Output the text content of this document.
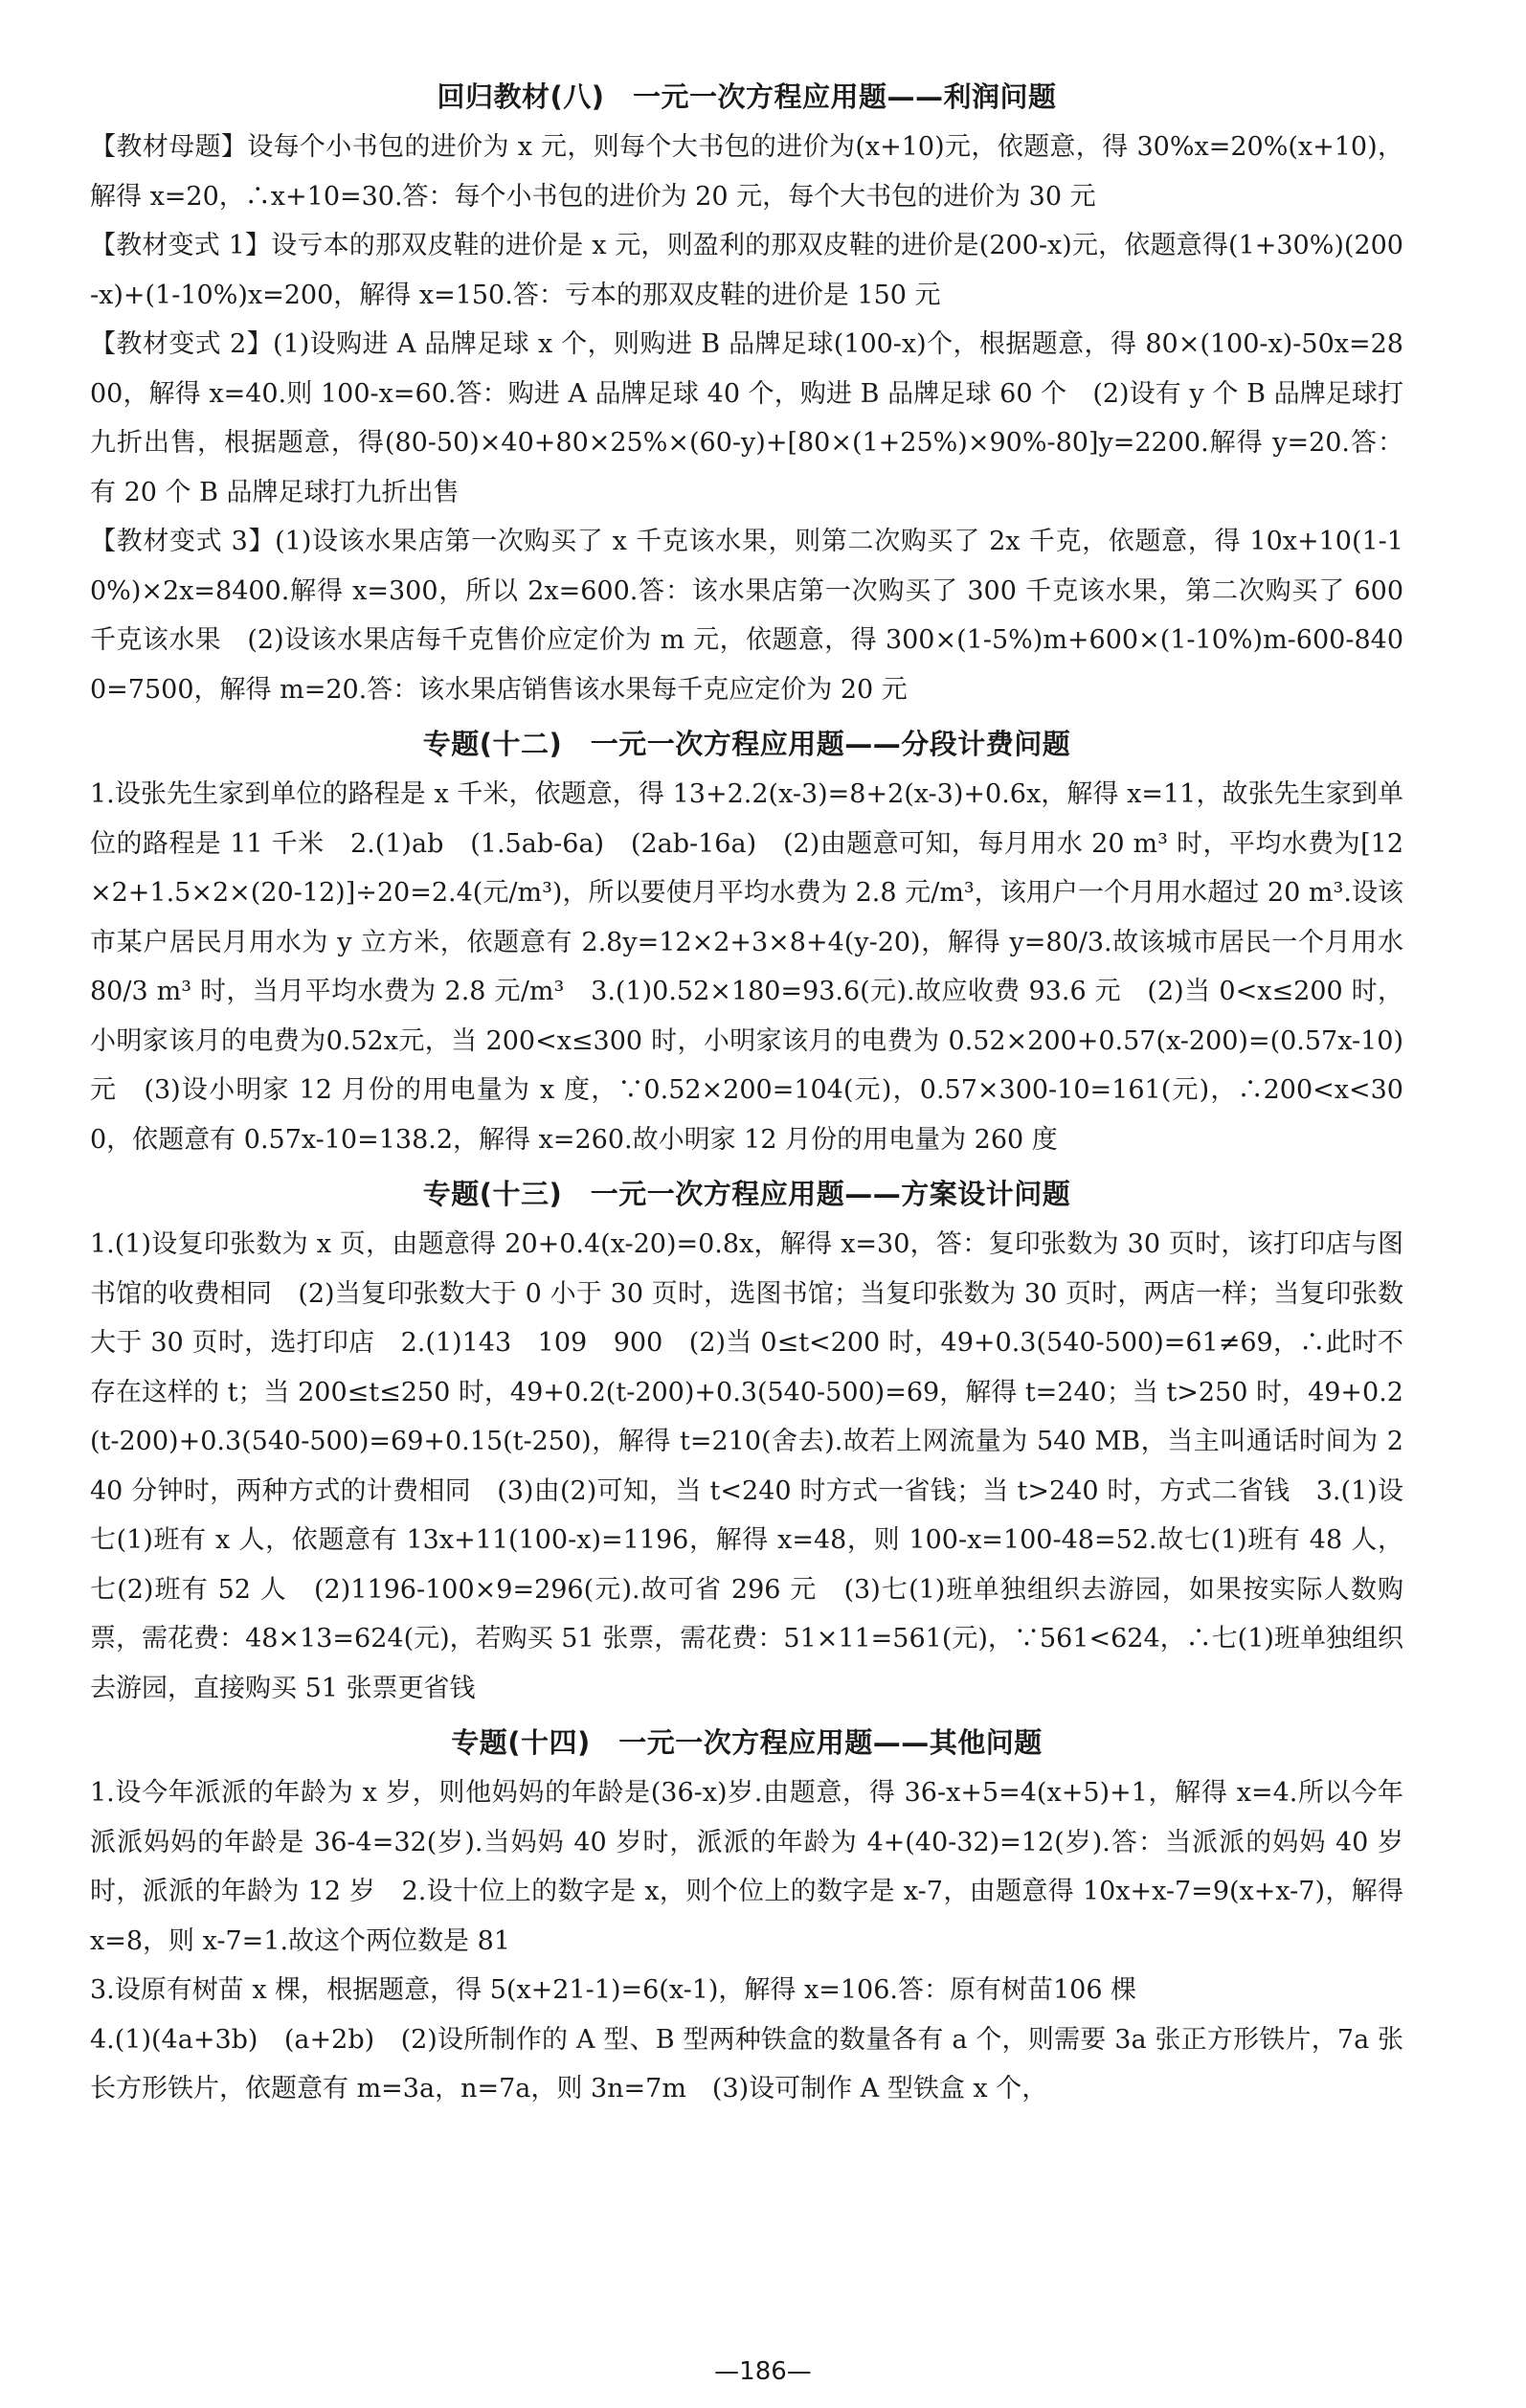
回归教材(八)　一元一次方程应用题——利润问题

【教材母题】设每个小书包的进价为 x 元，则每个大书包的进价为(x+10)元，依题意，得 30%x=20%(x+10)，解得 x=20，∴x+10=30.答：每个小书包的进价为 20 元，每个大书包的进价为 30 元

【教材变式 1】设亏本的那双皮鞋的进价是 x 元，则盈利的那双皮鞋的进价是(200-x)元，依题意得(1+30%)(200-x)+(1-10%)x=200，解得 x=150.答：亏本的那双皮鞋的进价是 150 元

【教材变式 2】(1)设购进 A 品牌足球 x 个，则购进 B 品牌足球(100-x)个，根据题意，得 80×(100-x)-50x=2800，解得 x=40.则 100-x=60.答：购进 A 品牌足球 40 个，购进 B 品牌足球 60 个　(2)设有 y 个 B 品牌足球打九折出售，根据题意，得(80-50)×40+80×25%×(60-y)+[80×(1+25%)×90%-80]y=2200.解得 y=20.答：有 20 个 B 品牌足球打九折出售

【教材变式 3】(1)设该水果店第一次购买了 x 千克该水果，则第二次购买了 2x 千克，依题意，得 10x+10(1-10%)×2x=8400.解得 x=300，所以 2x=600.答：该水果店第一次购买了 300 千克该水果，第二次购买了 600 千克该水果　(2)设该水果店每千克售价应定价为 m 元，依题意，得 300×(1-5%)m+600×(1-10%)m-600-8400=7500，解得 m=20.答：该水果店销售该水果每千克应定价为 20 元

专题(十二)　一元一次方程应用题——分段计费问题

1.设张先生家到单位的路程是 x 千米，依题意，得 13+2.2(x-3)=8+2(x-3)+0.6x，解得 x=11，故张先生家到单位的路程是 11 千米　2.(1)ab　(1.5ab-6a)　(2ab-16a)　(2)由题意可知，每月用水 20 m³ 时，平均水费为[12×2+1.5×2×(20-12)]÷20=2.4(元/m³)，所以要使月平均水费为 2.8 元/m³，该用户一个月用水超过 20 m³.设该市某户居民月用水为 y 立方米，依题意有 2.8y=12×2+3×8+4(y-20)，解得 y=80/3.故该城市居民一个月用水 80/3 m³ 时，当月平均水费为 2.8 元/m³　3.(1)0.52×180=93.6(元).故应收费 93.6 元　(2)当 0<x≤200 时，小明家该月的电费为0.52x元，当 200<x≤300 时，小明家该月的电费为 0.52×200+0.57(x-200)=(0.57x-10)元　(3)设小明家 12 月份的用电量为 x 度，∵0.52×200=104(元)，0.57×300-10=161(元)，∴200<x<300，依题意有 0.57x-10=138.2，解得 x=260.故小明家 12 月份的用电量为 260 度

专题(十三)　一元一次方程应用题——方案设计问题

1.(1)设复印张数为 x 页，由题意得 20+0.4(x-20)=0.8x，解得 x=30，答：复印张数为 30 页时，该打印店与图书馆的收费相同　(2)当复印张数大于 0 小于 30 页时，选图书馆；当复印张数为 30 页时，两店一样；当复印张数大于 30 页时，选打印店　2.(1)143　109　900　(2)当 0≤t<200 时，49+0.3(540-500)=61≠69，∴此时不存在这样的 t；当 200≤t≤250 时，49+0.2(t-200)+0.3(540-500)=69，解得 t=240；当 t>250 时，49+0.2(t-200)+0.3(540-500)=69+0.15(t-250)，解得 t=210(舍去).故若上网流量为 540 MB，当主叫通话时间为 240 分钟时，两种方式的计费相同　(3)由(2)可知，当 t<240 时方式一省钱；当 t>240 时，方式二省钱　3.(1)设七(1)班有 x 人，依题意有 13x+11(100-x)=1196，解得 x=48，则 100-x=100-48=52.故七(1)班有 48 人，七(2)班有 52 人　(2)1196-100×9=296(元).故可省 296 元　(3)七(1)班单独组织去游园，如果按实际人数购票，需花费：48×13=624(元)，若购买 51 张票，需花费：51×11=561(元)，∵561<624，∴七(1)班单独组织去游园，直接购买 51 张票更省钱

专题(十四)　一元一次方程应用题——其他问题

1.设今年派派的年龄为 x 岁，则他妈妈的年龄是(36-x)岁.由题意，得 36-x+5=4(x+5)+1，解得 x=4.所以今年派派妈妈的年龄是 36-4=32(岁).当妈妈 40 岁时，派派的年龄为 4+(40-32)=12(岁).答：当派派的妈妈 40 岁时，派派的年龄为 12 岁　2.设十位上的数字是 x，则个位上的数字是 x-7，由题意得 10x+x-7=9(x+x-7)，解得 x=8，则 x-7=1.故这个两位数是 81

3.设原有树苗 x 棵，根据题意，得 5(x+21-1)=6(x-1)，解得 x=106.答：原有树苗106 棵

4.(1)(4a+3b)　(a+2b)　(2)设所制作的 A 型、B 型两种铁盒的数量各有 a 个，则需要 3a 张正方形铁片，7a 张长方形铁片，依题意有 m=3a，n=7a，则 3n=7m　(3)设可制作 A 型铁盒 x 个，

—186—
